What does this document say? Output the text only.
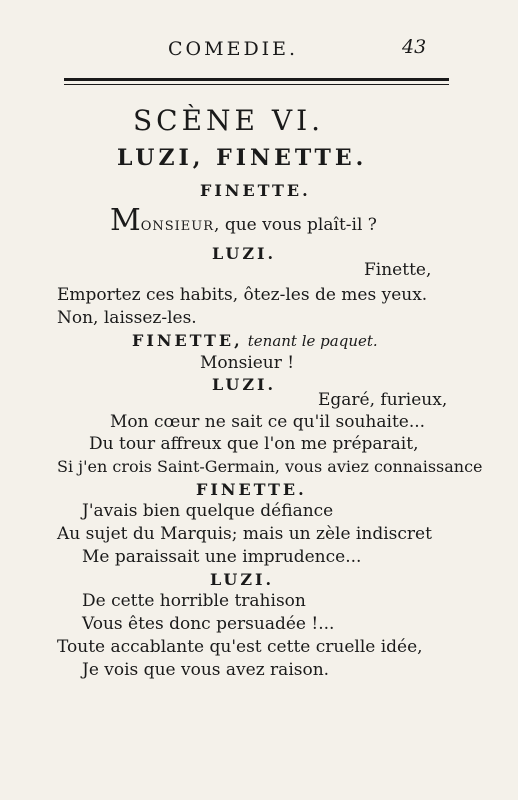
COMEDIE.	43
SCÈNE VI.
LUZI, FINETTE.
FINETTE.
MONSIEUR, que vous plaît-il ?
LUZI.
Finette,
Emportez ces habits, ôtez-les de mes yeux.
Non, laissez-les.
FINETTE, tenant le paquet.
Monsieur !
LUZI.
Egaré, furieux,
Mon cœur ne sait ce qu'il souhaite...
Du tour affreux que l'on me préparait,
Si j'en crois Saint-Germain, vous aviez connaissance
FINETTE.
J'avais bien quelque défiance
Au sujet du Marquis; mais un zèle indiscret
Me paraissait une imprudence...
LUZI.
De cette horrible trahison
Vous êtes donc persuadée !...
Toute accablante qu'est cette cruelle idée,
Je vois que vous avez raison.
